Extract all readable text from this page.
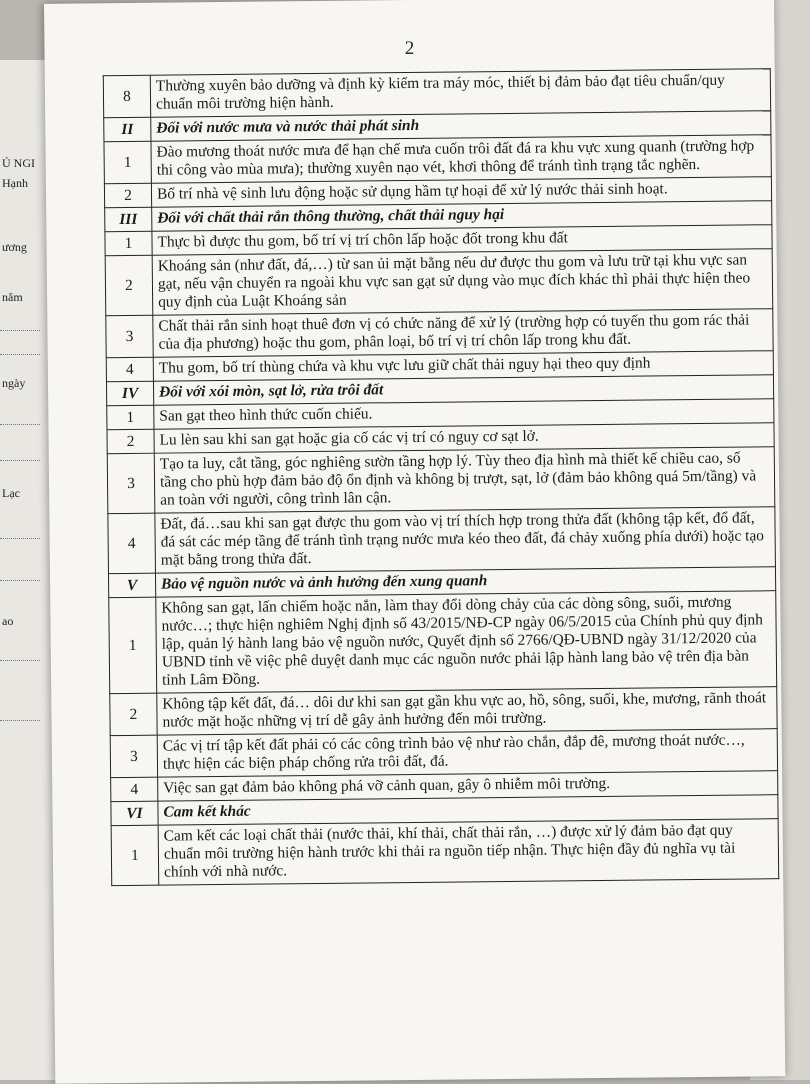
Ủ NGI
Hạnh
ương
năm
ngày
Lạc
ao
2
8	Thường xuyên bảo dưỡng và định kỳ kiểm tra máy móc, thiết bị đảm bảo đạt tiêu chuẩn/quy chuẩn môi trường hiện hành.
II	Đối với nước mưa và nước thải phát sinh
1	Đào mương thoát nước mưa để hạn chế mưa cuốn trôi đất đá ra khu vực xung quanh (trường hợp thi công vào mùa mưa); thường xuyên nạo vét, khơi thông để tránh tình trạng tắc nghẽn.
2	Bố trí nhà vệ sinh lưu động hoặc sử dụng hầm tự hoại để xử lý nước thải sinh hoạt.
III	Đối với chất thải rắn thông thường, chất thải nguy hại
1	Thực bì được thu gom, bố trí vị trí chôn lấp hoặc đốt trong khu đất
2	Khoáng sản (như đất, đá,…) từ san ủi mặt bằng nếu dư được thu gom và lưu trữ tại khu vực san gạt, nếu vận chuyển ra ngoài khu vực san gạt sử dụng vào mục đích khác thì phải thực hiện theo quy định của Luật Khoáng sản
3	Chất thải rắn sinh hoạt thuê đơn vị có chức năng để xử lý (trường hợp có tuyến thu gom rác thải của địa phương) hoặc thu gom, phân loại, bố trí vị trí chôn lấp trong khu đất.
4	Thu gom, bố trí thùng chứa và khu vực lưu giữ chất thải nguy hại theo quy định
IV	Đối với xói mòn, sạt lở, rửa trôi đất
1	San gạt theo hình thức cuốn chiếu.
2	Lu lèn sau khi san gạt hoặc gia cố các vị trí có nguy cơ sạt lở.
3	Tạo ta luy, cắt tầng, góc nghiêng sườn tầng hợp lý. Tùy theo địa hình mà thiết kế chiều cao, số tầng cho phù hợp đảm bảo độ ổn định và không bị trượt, sạt, lở (đảm bảo không quá 5m/tầng) và an toàn với người, công trình lân cận.
4	Đất, đá…sau khi san gạt được thu gom vào vị trí thích hợp trong thửa đất (không tập kết, đổ đất, đá sát các mép tầng để tránh tình trạng nước mưa kéo theo đất, đá chảy xuống phía dưới) hoặc tạo mặt bằng trong thửa đất.
V	Bảo vệ nguồn nước và ảnh hưởng đến xung quanh
1	Không san gạt, lấn chiếm hoặc nắn, làm thay đổi dòng chảy của các dòng sông, suối, mương nước…; thực hiện nghiêm Nghị định số 43/2015/NĐ-CP ngày 06/5/2015 của Chính phủ quy định lập, quản lý hành lang bảo vệ nguồn nước, Quyết định số 2766/QĐ-UBND ngày 31/12/2020 của UBND tỉnh về việc phê duyệt danh mục các nguồn nước phải lập hành lang bảo vệ trên địa bàn tỉnh Lâm Đồng.
2	Không tập kết đất, đá… dôi dư khi san gạt gần khu vực ao, hồ, sông, suối, khe, mương, rãnh thoát nước mặt hoặc những vị trí dễ gây ảnh hưởng đến môi trường.
3	Các vị trí tập kết đất phải có các công trình bảo vệ như rào chắn, đắp đê, mương thoát nước…, thực hiện các biện pháp chống rửa trôi đất, đá.
4	Việc san gạt đảm bảo không phá vỡ cảnh quan, gây ô nhiễm môi trường.
VI	Cam kết khác
1	Cam kết các loại chất thải (nước thải, khí thải, chất thải rắn, …) được xử lý đảm bảo đạt quy chuẩn môi trường hiện hành trước khi thải ra nguồn tiếp nhận. Thực hiện đầy đủ nghĩa vụ tài chính với nhà nước.
